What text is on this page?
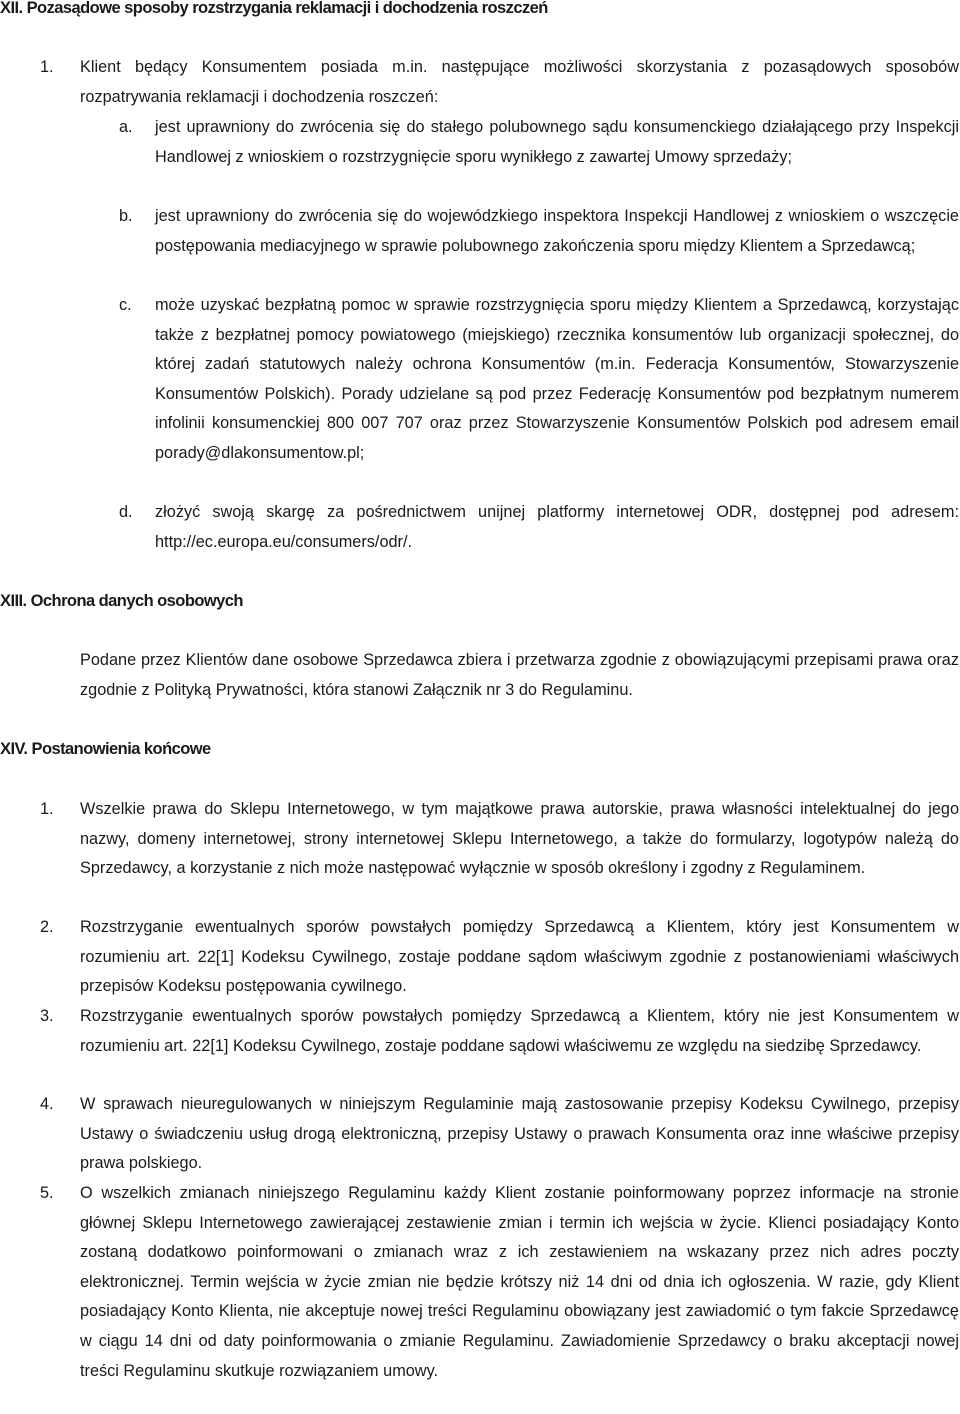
XII. Pozasądowe sposoby rozstrzygania reklamacji i dochodzenia roszczeń
1. Klient będący Konsumentem posiada m.in. następujące możliwości skorzystania z pozasądowych sposobów rozpatrywania reklamacji i dochodzenia roszczeń:
a. jest uprawniony do zwrócenia się do stałego polubownego sądu konsumenckiego działającego przy Inspekcji Handlowej z wnioskiem o rozstrzygnięcie sporu wynikłego z zawartej Umowy sprzedaży;
b. jest uprawniony do zwrócenia się do wojewódzkiego inspektora Inspekcji Handlowej z wnioskiem o wszczęcie postępowania mediacyjnego w sprawie polubownego zakończenia sporu między Klientem a Sprzedawcą;
c. może uzyskać bezpłatną pomoc w sprawie rozstrzygnięcia sporu między Klientem a Sprzedawcą, korzystając także z bezpłatnej pomocy powiatowego (miejskiego) rzecznika konsumentów lub organizacji społecznej, do której zadań statutowych należy ochrona Konsumentów (m.in. Federacja Konsumentów, Stowarzyszenie Konsumentów Polskich). Porady udzielane są pod przez Federację Konsumentów pod bezpłatnym numerem infolinii konsumenckiej 800 007 707 oraz przez Stowarzyszenie Konsumentów Polskich pod adresem email porady@dlakonsumentow.pl;
d. złożyć swoją skargę za pośrednictwem unijnej platformy internetowej ODR, dostępnej pod adresem: http://ec.europa.eu/consumers/odr/.
XIII. Ochrona danych osobowych
Podane przez Klientów dane osobowe Sprzedawca zbiera i przetwarza zgodnie z obowiązującymi przepisami prawa oraz zgodnie z Polityką Prywatności, która stanowi Załącznik nr 3 do Regulaminu.
XIV. Postanowienia końcowe
1. Wszelkie prawa do Sklepu Internetowego, w tym majątkowe prawa autorskie, prawa własności intelektualnej do jego nazwy, domeny internetowej, strony internetowej Sklepu Internetowego, a także do formularzy, logotypów należą do Sprzedawcy, a korzystanie z nich może następować wyłącznie w sposób określony i zgodny z Regulaminem.
2. Rozstrzyganie ewentualnych sporów powstałych pomiędzy Sprzedawcą a Klientem, który jest Konsumentem w rozumieniu art. 22[1] Kodeksu Cywilnego, zostaje poddane sądom właściwym zgodnie z postanowieniami właściwych przepisów Kodeksu postępowania cywilnego.
3. Rozstrzyganie ewentualnych sporów powstałych pomiędzy Sprzedawcą a Klientem, który nie jest Konsumentem w rozumieniu art. 22[1] Kodeksu Cywilnego, zostaje poddane sądowi właściwemu ze względu na siedzibę Sprzedawcy.
4. W sprawach nieuregulowanych w niniejszym Regulaminie mają zastosowanie przepisy Kodeksu Cywilnego, przepisy Ustawy o świadczeniu usług drogą elektroniczną, przepisy Ustawy o prawach Konsumenta oraz inne właściwe przepisy prawa polskiego.
5. O wszelkich zmianach niniejszego Regulaminu każdy Klient zostanie poinformowany poprzez informacje na stronie głównej Sklepu Internetowego zawierającej zestawienie zmian i termin ich wejścia w życie. Klienci posiadający Konto zostaną dodatkowo poinformowani o zmianach wraz z ich zestawieniem na wskazany przez nich adres poczty elektronicznej. Termin wejścia w życie zmian nie będzie krótszy niż 14 dni od dnia ich ogłoszenia. W razie, gdy Klient posiadający Konto Klienta, nie akceptuje nowej treści Regulaminu obowiązany jest zawiadomić o tym fakcie Sprzedawcę w ciągu 14 dni od daty poinformowania o zmianie Regulaminu. Zawiadomienie Sprzedawcy o braku akceptacji nowej treści Regulaminu skutkuje rozwiązaniem umowy.
